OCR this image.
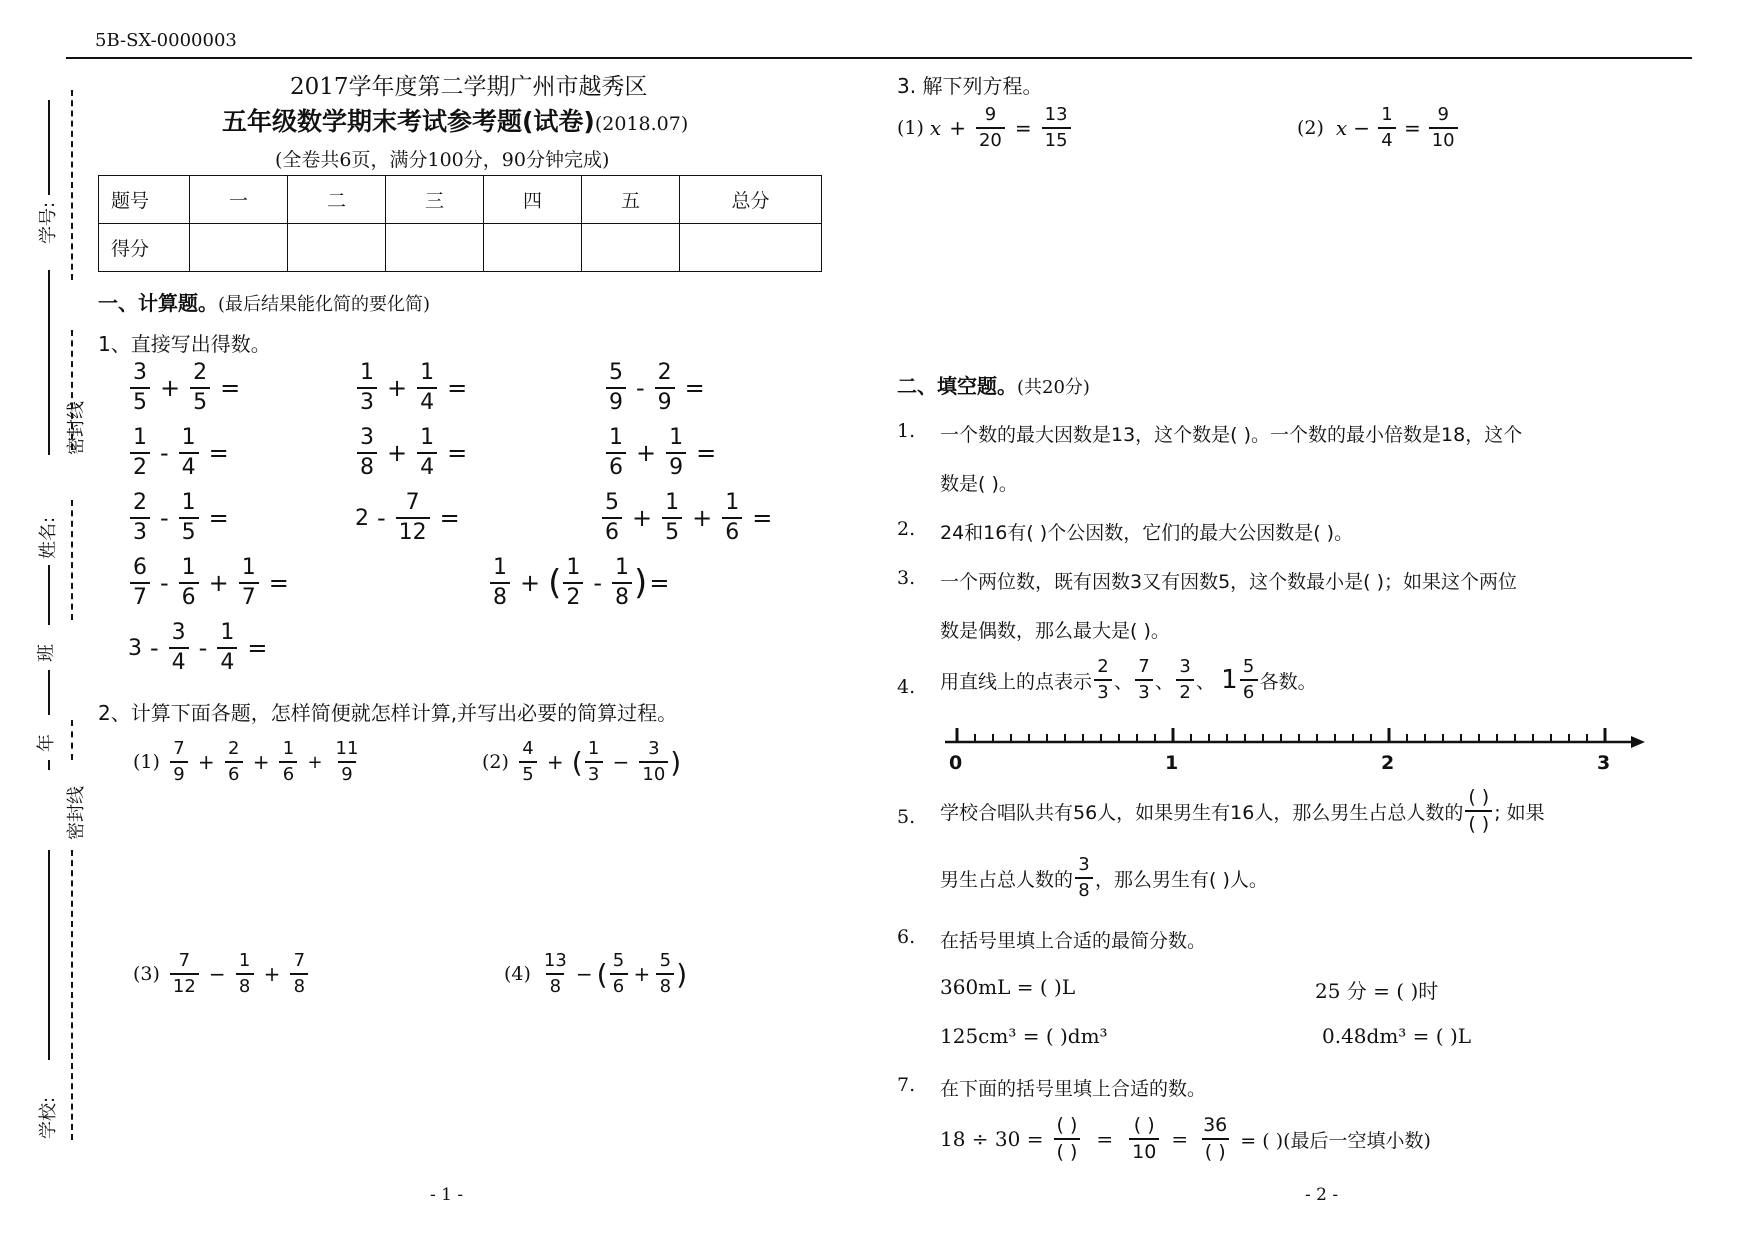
5B-SX-0000003
学号:
密封线
姓名:
班
年
密封线
学校:
2017学年度第二学期广州市越秀区
五年级数学期末考试参考题(试卷)(2018.07)
(全卷共6页，满分100分，90分钟完成)
题号	一	二	三	四	五	总分
得分						
一、计算题。(最后结果能化简的要化简)
1、直接写出得数。
$\frac{3}{5} + \frac{2}{5}$ =	$\frac{1}{3} + \frac{1}{4}$ =	$\frac{5}{9} - \frac{2}{9}$ =
$\frac{1}{2} - \frac{1}{4}$ =	$\frac{3}{8} + \frac{1}{4}$ =	$\frac{1}{6} + \frac{1}{9}$ =
$\frac{2}{3} - \frac{1}{5}$ =	$2 - \frac{7}{12}$ =	$\frac{5}{6} + \frac{1}{5} + \frac{1}{6}$ =
$\frac{6}{7} - \frac{1}{6} + \frac{1}{7}$ =	$\frac{1}{8}$ + ( $\frac{1}{2} - \frac{1}{8}$ ) =
$3 - \frac{3}{4} - \frac{1}{4}$ =
2、计算下面各题，怎样简便就怎样计算,并写出必要的简算过程。
$(1) \frac{7}{9} + \frac{2}{6} + \frac{1}{6} + \frac{11}{9}$	$(2) \frac{4}{5}$ + ( $\frac{1}{3} - \frac{3}{10}$ )
$(3) \frac{7}{12} - \frac{1}{8} + \frac{7}{8}$	$(4) \frac{13}{8}$ − ( $\frac{5}{6} + \frac{5}{8}$ )
- 1 -
3. 解下列方程。
(1) $x + \frac{9}{20} = \frac{13}{15}$	(2) $x - \frac{1}{4} = \frac{9}{10}$
二、填空题。(共20分)
1. 一个数的最大因数是13，这个数是( )。一个数的最小倍数是18，这个
数是( )。
2. 24和16有( )个公因数，它们的最大公因数是( )。
3. 一个两位数，既有因数3又有因数5，这个数最小是( )；如果这个两位
数是偶数，那么最大是( )。
4. 用直线上的点表示 $\frac{2}{3}$ 、 $\frac{7}{3}$ 、 $\frac{3}{2}$ 、 $1 \frac{5}{6}$ 各数。
0	1	2	3
5. 学校合唱队共有56人，如果男生有16人，那么男生占总人数的 $\frac{( )}{( )}$ ; 如果
男生占总人数的 $\frac{3}{8}$ ，那么男生有( )人。
6. 在括号里填上合适的最简分数。
360mL = ( )L	25 分 = ( )时
125cm³ = ( )dm³	0.48dm³ = ( )L
7. 在下面的括号里填上合适的数。
$18 \div 30 = \frac{( )}{( )} = \frac{( )}{10} = \frac{36}{( )}$ = ( )(最后一空填小数)
- 2 -
